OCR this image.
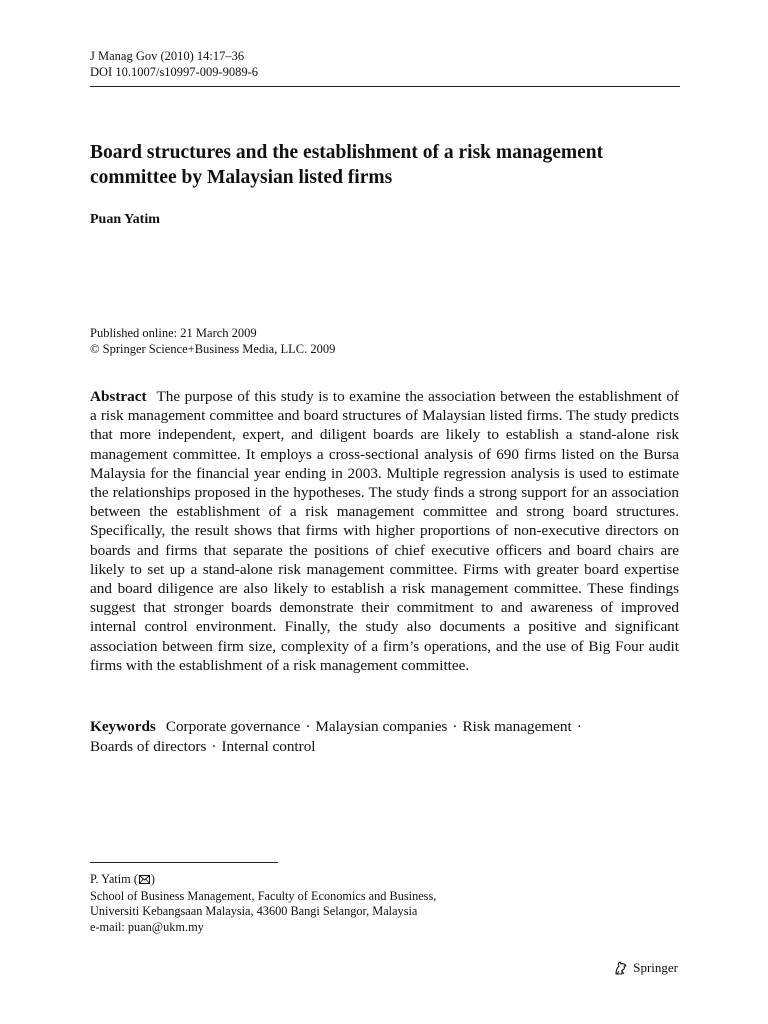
J Manag Gov (2010) 14:17–36
DOI 10.1007/s10997-009-9089-6
Board structures and the establishment of a risk management committee by Malaysian listed firms
Puan Yatim
Published online: 21 March 2009
© Springer Science+Business Media, LLC. 2009

Abstract The purpose of this study is to examine the association between the establishment of a risk management committee and board structures of Malaysian listed firms. The study predicts that more independent, expert, and diligent boards are likely to establish a stand-alone risk management committee. It employs a cross-sectional analysis of 690 firms listed on the Bursa Malaysia for the financial year ending in 2003. Multiple regression analysis is used to estimate the relationships proposed in the hypotheses. The study finds a strong support for an association between the establishment of a risk management committee and strong board structures. Specifically, the result shows that firms with higher proportions of non-executive directors on boards and firms that separate the positions of chief executive officers and board chairs are likely to set up a stand-alone risk management committee. Firms with greater board expertise and board diligence are also likely to establish a risk management committee. These findings suggest that stronger boards demonstrate their commitment to and awareness of improved internal control environment. Finally, the study also documents a positive and significant association between firm size, complexity of a firm’s operations, and the use of Big Four audit firms with the establishment of a risk management committee.

Keywords Corporate governance · Malaysian companies · Risk management ·
Boards of directors · Internal control

P. Yatim ( )
School of Business Management, Faculty of Economics and Business,
Universiti Kebangsaan Malaysia, 43600 Bangi Selangor, Malaysia
e-mail: puan@ukm.my
Springer
